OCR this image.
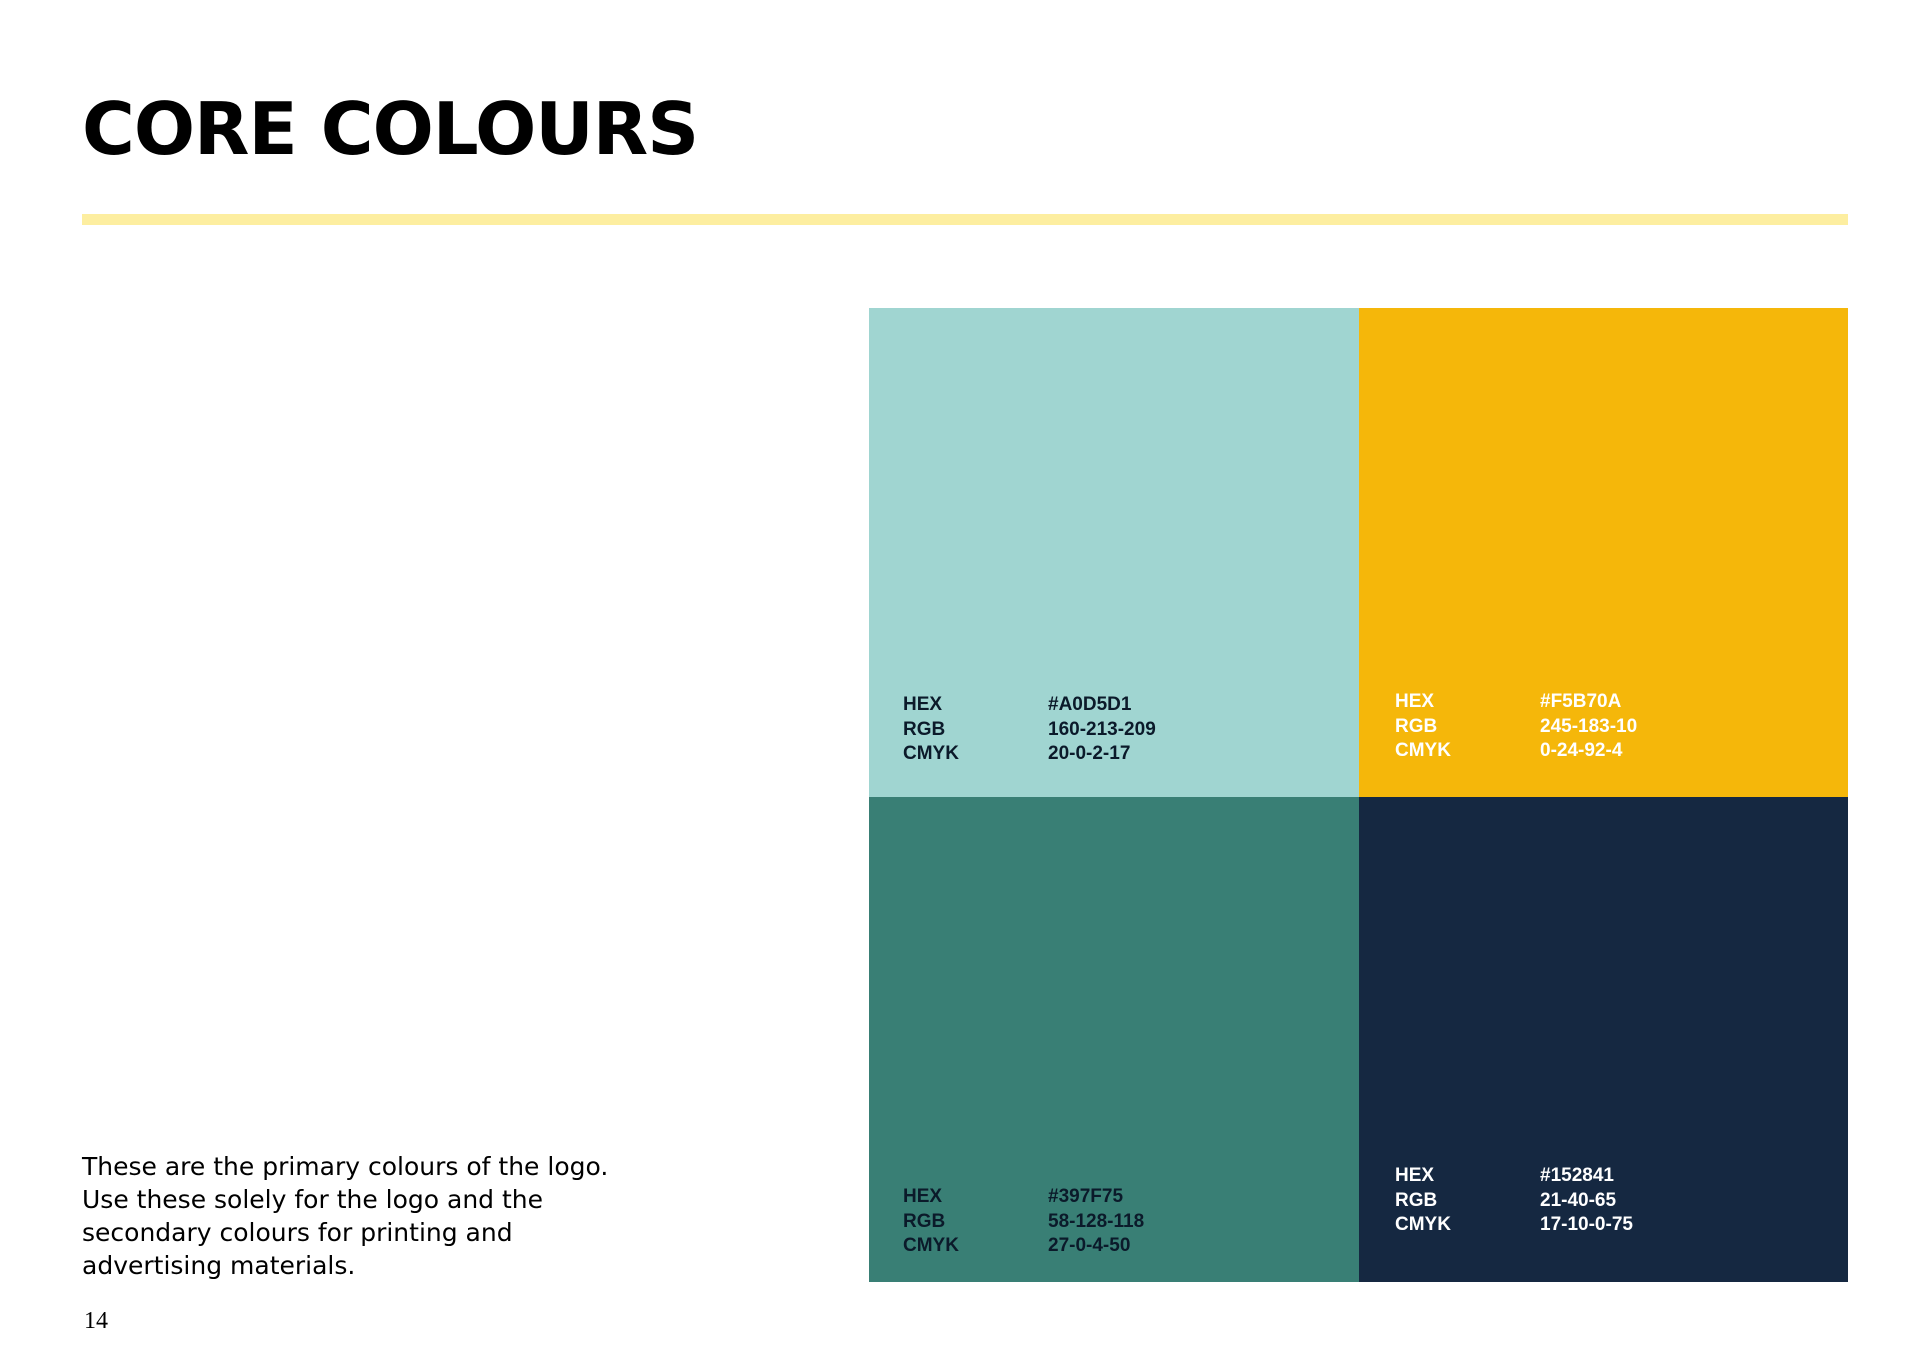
CORE COLOURS
HEX	#A0D5D1
RGB	160-213-209
CMYK	20-0-2-17
HEX	#F5B70A
RGB	245-183-10
CMYK	0-24-92-4
HEX	#397F75
RGB	58-128-118
CMYK	27-0-4-50
HEX	#152841
RGB	21-40-65
CMYK	17-10-0-75

These are the primary colours of the logo. Use these solely for the logo and the secondary colours for printing and advertising materials.

14
